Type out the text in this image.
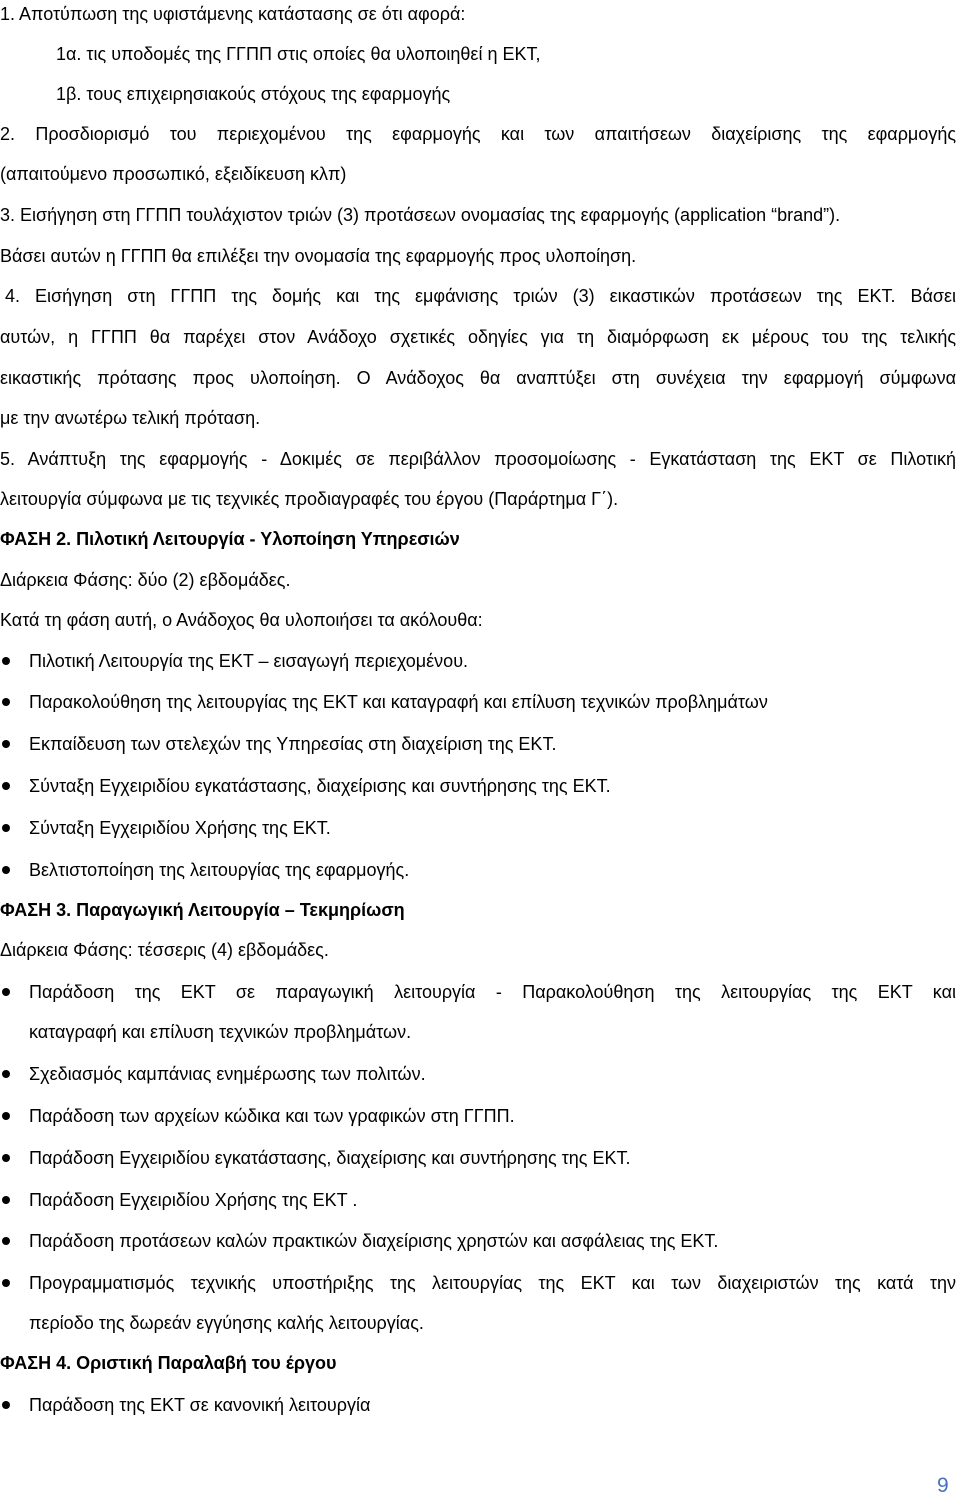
1. Αποτύπωση της υφιστάμενης κατάστασης σε ότι αφορά:
1α. τις υποδομές της ΓΓΠΠ στις οποίες θα υλοποιηθεί η ΕΚΤ,
1β. τους επιχειρησιακούς στόχους της εφαρμογής
2. Προσδιορισμό του περιεχομένου της εφαρμογής και των απαιτήσεων διαχείρισης της εφαρμογής
(απαιτούμενο προσωπικό, εξειδίκευση κλπ)
3. Εισήγηση στη ΓΓΠΠ τουλάχιστον τριών (3) προτάσεων ονομασίας της εφαρμογής (application “brand”).
Βάσει αυτών η ΓΓΠΠ θα επιλέξει την ονομασία της εφαρμογής προς υλοποίηση.
4. Εισήγηση στη ΓΓΠΠ της δομής και της εμφάνισης τριών (3) εικαστικών προτάσεων της ΕΚΤ. Βάσει
αυτών, η ΓΓΠΠ θα παρέχει στον Ανάδοχο σχετικές οδηγίες για τη διαμόρφωση εκ μέρους του της τελικής
εικαστικής πρότασης προς υλοποίηση. Ο Ανάδοχος θα αναπτύξει στη συνέχεια την εφαρμογή σύμφωνα
με την ανωτέρω τελική πρόταση.
5. Ανάπτυξη της εφαρμογής - Δοκιμές σε περιβάλλον προσομοίωσης - Εγκατάσταση της ΕΚΤ σε Πιλοτική
λειτουργία σύμφωνα με τις τεχνικές προδιαγραφές του έργου (Παράρτημα Γ΄).
ΦΑΣΗ 2. Πιλοτική Λειτουργία - Υλοποίηση Υπηρεσιών
Διάρκεια Φάσης: δύο (2) εβδομάδες.
Κατά τη φάση αυτή, ο Ανάδοχος θα υλοποιήσει τα ακόλουθα:
Πιλοτική Λειτουργία της ΕΚΤ – εισαγωγή περιεχομένου.
Παρακολούθηση της λειτουργίας της ΕΚΤ και καταγραφή και επίλυση τεχνικών προβλημάτων
Εκπαίδευση των στελεχών της Υπηρεσίας στη διαχείριση της ΕΚΤ.
Σύνταξη Εγχειριδίου εγκατάστασης, διαχείρισης και συντήρησης της ΕΚΤ.
Σύνταξη Εγχειριδίου Χρήσης της ΕΚΤ.
Βελτιστοποίηση της λειτουργίας της εφαρμογής.
ΦΑΣΗ 3. Παραγωγική Λειτουργία – Τεκμηρίωση
Διάρκεια Φάσης: τέσσερις (4) εβδομάδες.
Παράδοση της ΕΚΤ σε παραγωγική λειτουργία - Παρακολούθηση της λειτουργίας της ΕΚΤ και
καταγραφή και επίλυση τεχνικών προβλημάτων.
Σχεδιασμός καμπάνιας ενημέρωσης των πολιτών.
Παράδοση των αρχείων κώδικα και των γραφικών στη ΓΓΠΠ.
Παράδοση Εγχειριδίου εγκατάστασης, διαχείρισης και συντήρησης της ΕΚΤ.
Παράδοση Εγχειριδίου Χρήσης της ΕΚΤ .
Παράδοση προτάσεων καλών πρακτικών διαχείρισης χρηστών και ασφάλειας της ΕΚΤ.
Προγραμματισμός τεχνικής υποστήριξης της λειτουργίας της ΕΚΤ και των διαχειριστών της κατά την
περίοδο της δωρεάν εγγύησης καλής λειτουργίας.
ΦΑΣΗ 4. Οριστική Παραλαβή του έργου
Παράδοση της ΕΚΤ σε κανονική λειτουργία
9
